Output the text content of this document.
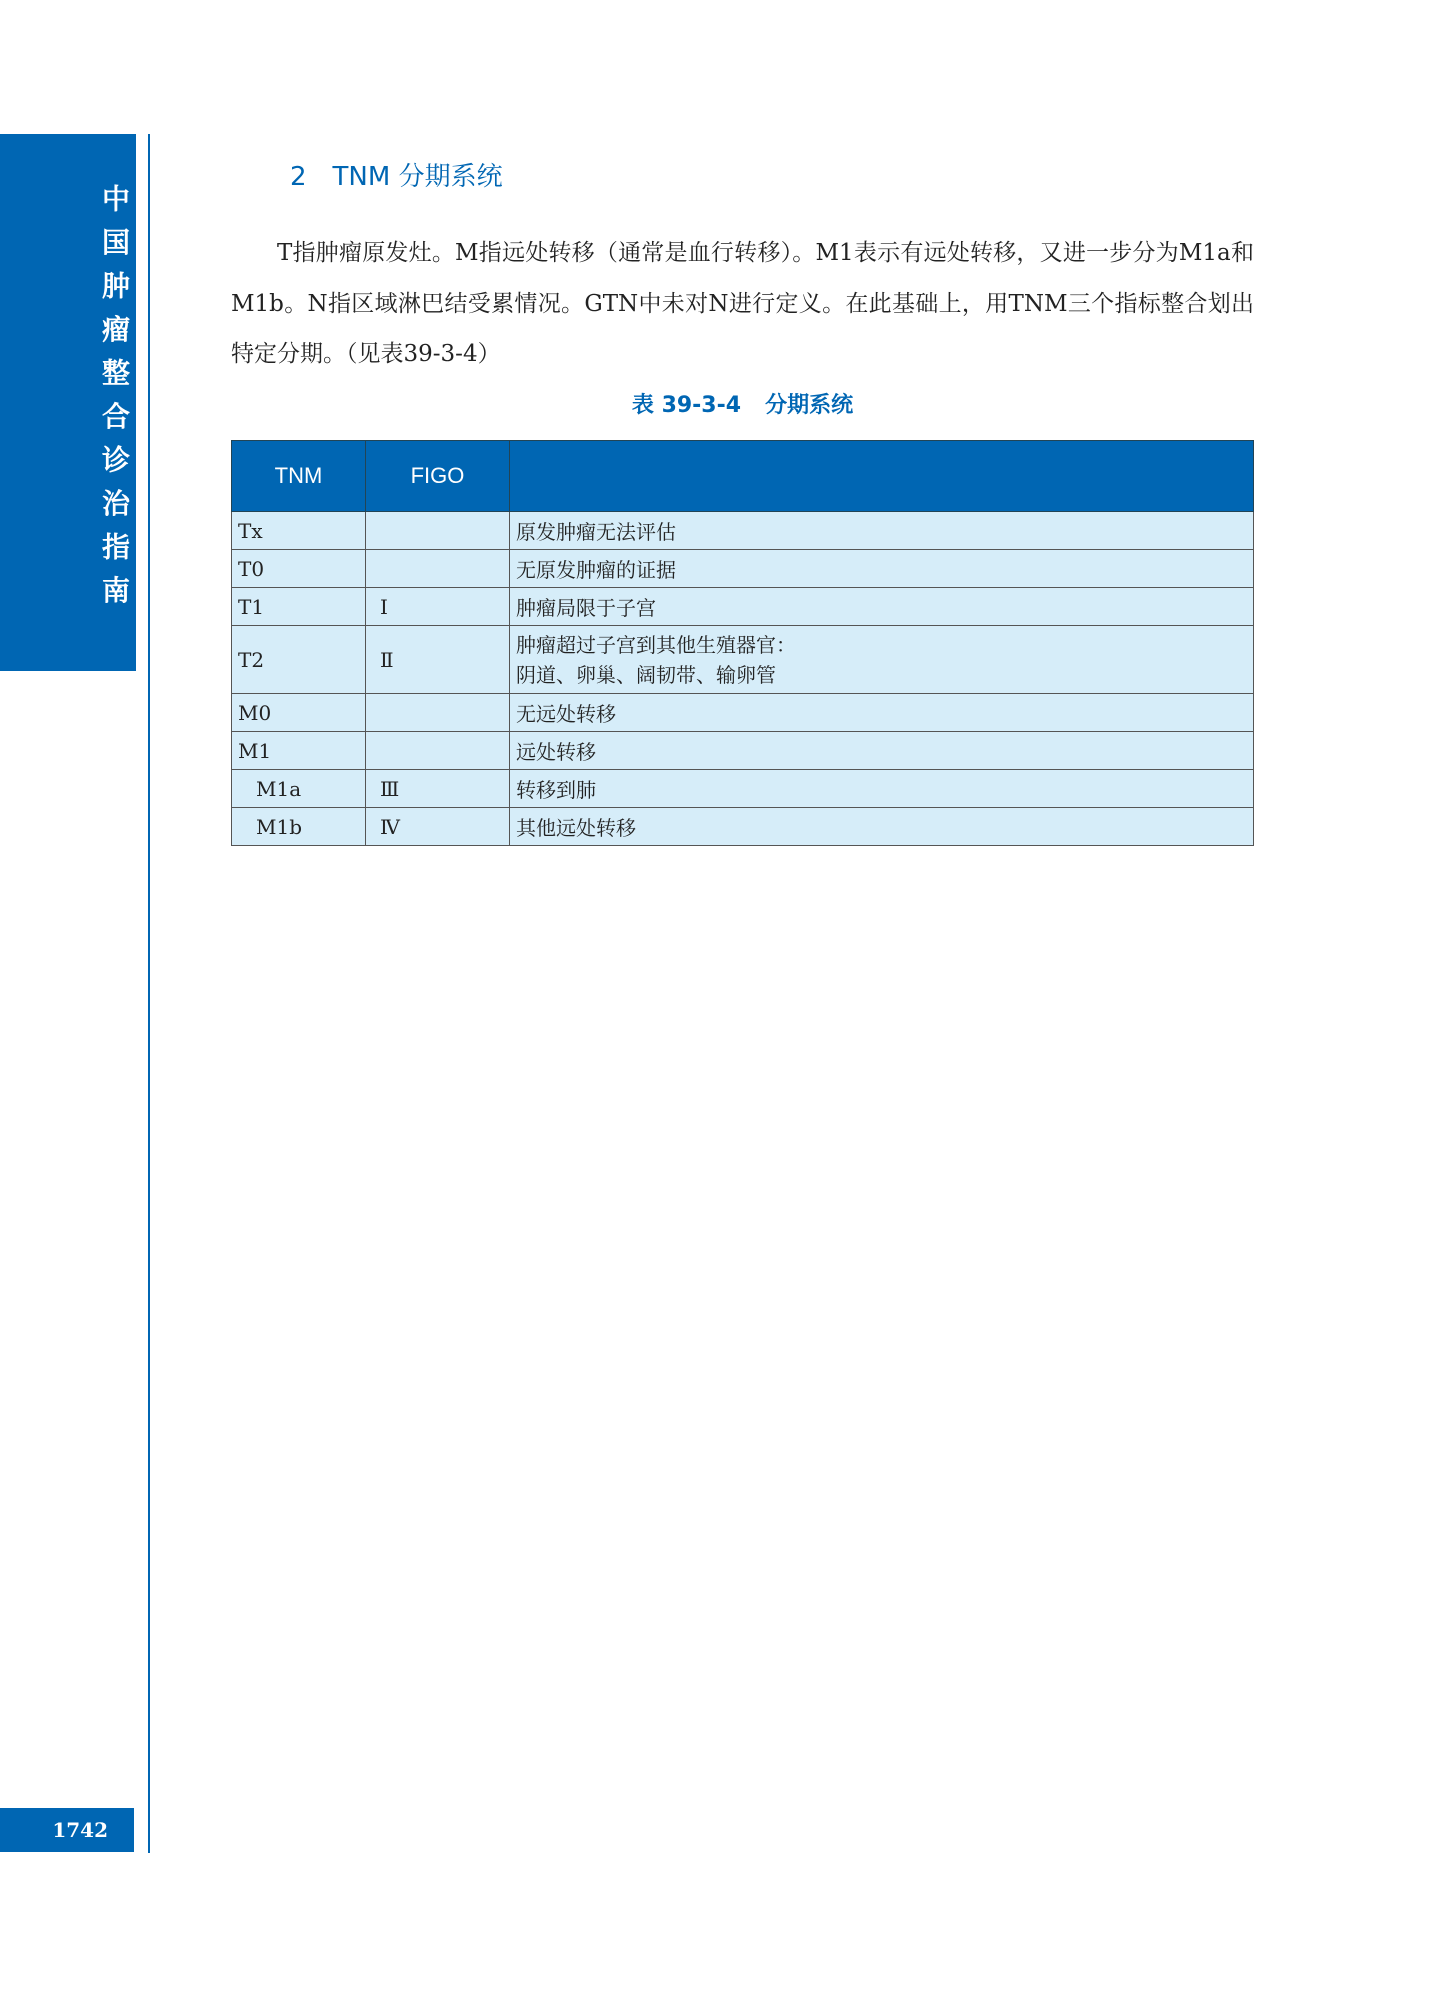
中国肿瘤整合诊治指南
1742
2 TNM 分期系统
T指肿瘤原发灶。M指远处转移（通常是血行转移）。M1表示有远处转移，又进一步分为M1a和M1b。N指区域淋巴结受累情况。GTN中未对N进行定义。在此基础上，用TNM三个指标整合划出特定分期。（见表39-3-4）
表 39-3-4 分期系统
TNM	FIGO	
Tx		原发肿瘤无法评估
T0		无原发肿瘤的证据
T1	Ⅰ	肿瘤局限于子宫
T2	Ⅱ	肿瘤超过子宫到其他生殖器官：
阴道、卵巢、阔韧带、输卵管

M0		无远处转移
M1		远处转移
M1a	Ⅲ	转移到肺
M1b	Ⅳ	其他远处转移
